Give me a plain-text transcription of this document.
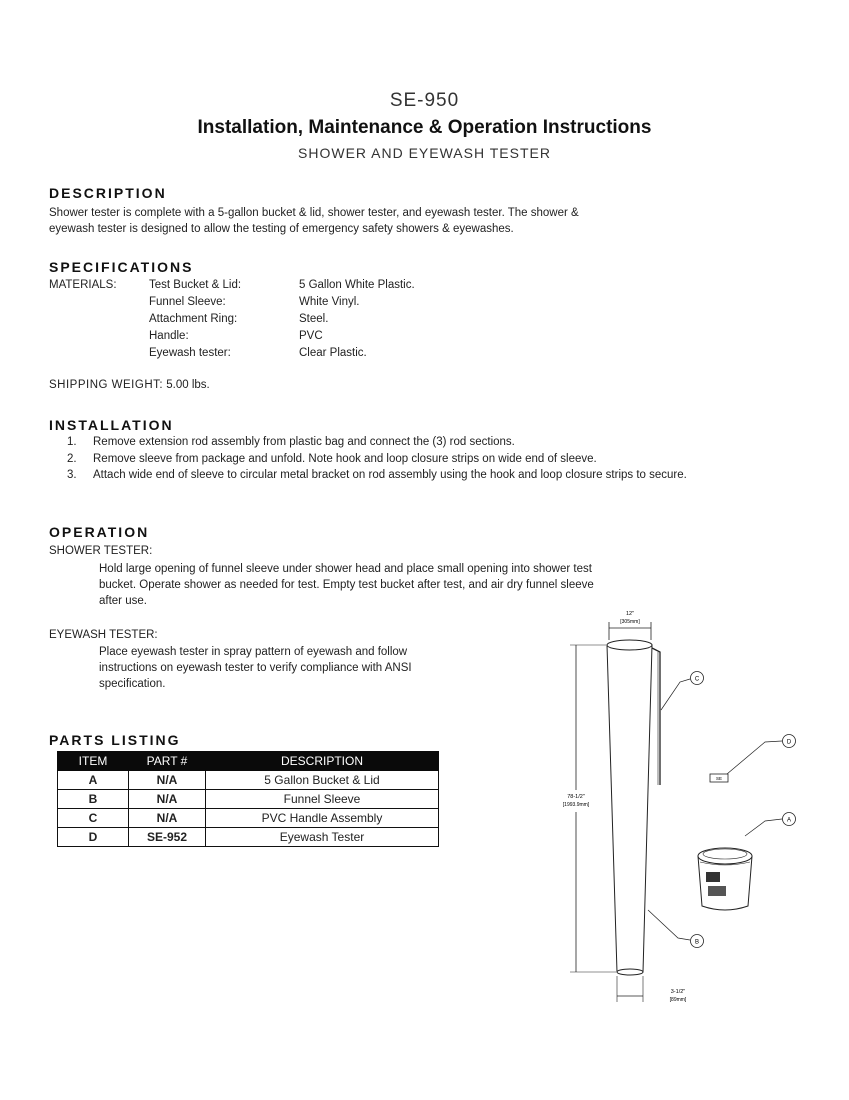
SE-950
Installation, Maintenance & Operation Instructions
SHOWER AND EYEWASH TESTER
DESCRIPTION
Shower tester is complete with a 5-gallon bucket & lid, shower tester, and eyewash tester. The shower &
eyewash tester is designed to allow the testing of emergency safety showers & eyewashes.
SPECIFICATIONS
MATERIALS:	Test Bucket & Lid:	5 Gallon White Plastic.
Funnel Sleeve:	White Vinyl.
Attachment Ring:	Steel.
Handle:	PVC
Eyewash tester:	Clear Plastic.
SHIPPING WEIGHT: 5.00 lbs.
INSTALLATION
1. Remove extension rod assembly from plastic bag and connect the (3) rod sections.
2. Remove sleeve from package and unfold. Note hook and loop closure strips on wide end of sleeve.
3. Attach wide end of sleeve to circular metal bracket on rod assembly using the hook and loop closure strips to secure.
OPERATION
SHOWER TESTER:
Hold large opening of funnel sleeve under shower head and place small opening into shower test
bucket. Operate shower as needed for test. Empty test bucket after test, and air dry funnel sleeve
after use.
EYEWASH TESTER:
Place eyewash tester in spray pattern of eyewash and follow
instructions on eyewash tester to verify compliance with ANSI
specification.
PARTS LISTING
ITEM	PART #	DESCRIPTION
A	N/A	5 Gallon Bucket & Lid
B	N/A	Funnel Sleeve
C	N/A	PVC Handle Assembly
D	SE-952	Eyewash Tester
12"
[305mm]
78-1/2"
[1993.9mm]
3-1/2"
[89mm]
C
B
SE
D
A
